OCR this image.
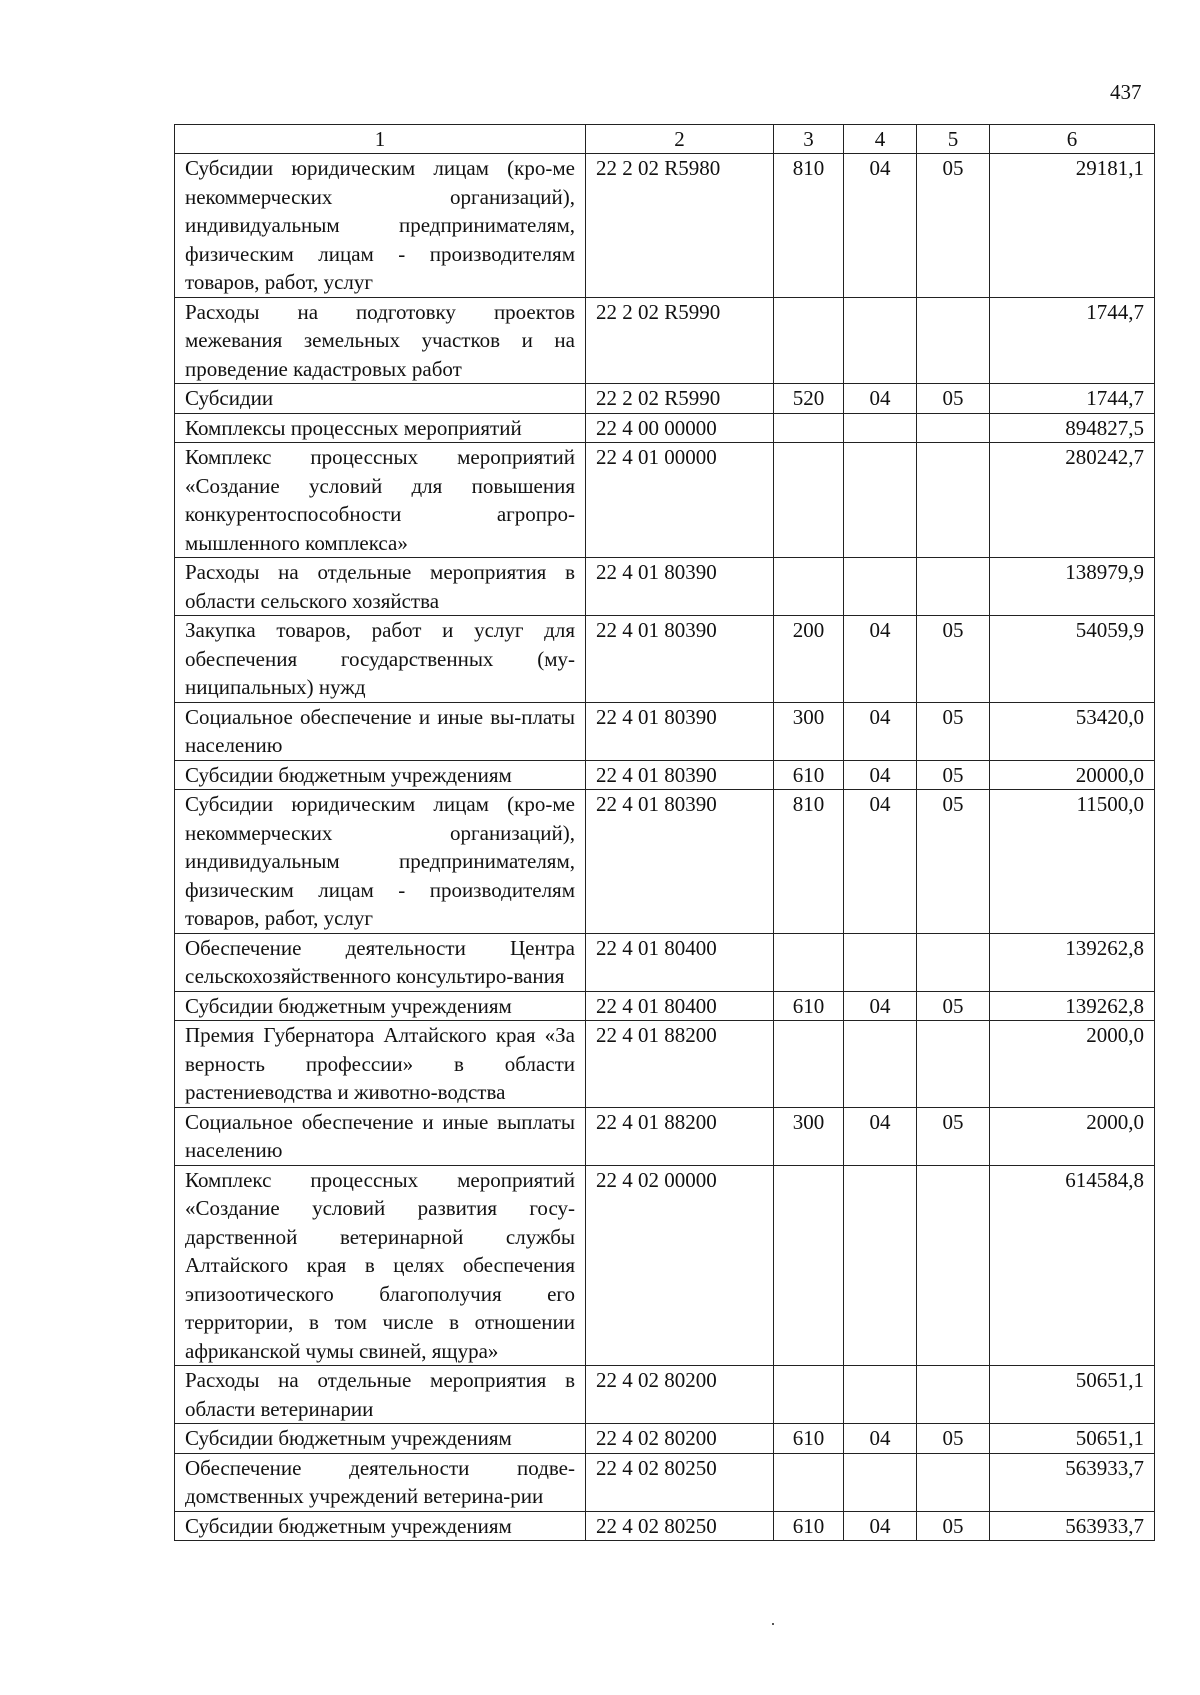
437
1	2	3	4	5	6
Субсидии юридическим лицам (кро-ме некоммерческих организаций), индивидуальным предпринимателям, физическим лицам - производителям товаров, работ, услуг	22 2 02 R5980	810	04	05	29181,1
Расходы на подготовку проектов межевания земельных участков и на проведение кадастровых работ	22 2 02 R5990				1744,7
Субсидии	22 2 02 R5990	520	04	05	1744,7
Комплексы процессных мероприятий	22 4 00 00000				894827,5
Комплекс процессных мероприятий «Создание условий для повышения конкурентоспособности агропро-мышленного комплекса»	22 4 01 00000				280242,7
Расходы на отдельные мероприятия в области сельского хозяйства	22 4 01 80390				138979,9
Закупка товаров, работ и услуг для обеспечения государственных (му-ниципальных) нужд	22 4 01 80390	200	04	05	54059,9
Социальное обеспечение и иные вы-платы населению	22 4 01 80390	300	04	05	53420,0
Субсидии бюджетным учреждениям	22 4 01 80390	610	04	05	20000,0
Субсидии юридическим лицам (кро-ме некоммерческих организаций), индивидуальным предпринимателям, физическим лицам - производителям товаров, работ, услуг	22 4 01 80390	810	04	05	11500,0
Обеспечение деятельности Центра сельскохозяйственного консультиро-вания	22 4 01 80400				139262,8
Субсидии бюджетным учреждениям	22 4 01 80400	610	04	05	139262,8
Премия Губернатора Алтайского края «За верность профессии» в области растениеводства и животно-водства	22 4 01 88200				2000,0
Социальное обеспечение и иные выплаты населению	22 4 01 88200	300	04	05	2000,0
Комплекс процессных мероприятий «Создание условий развития госу-дарственной ветеринарной службы Алтайского края в целях обеспечения эпизоотического благополучия его территории, в том числе в отношении африканской чумы свиней, ящура»	22 4 02 00000				614584,8
Расходы на отдельные мероприятия в области ветеринарии	22 4 02 80200				50651,1
Субсидии бюджетным учреждениям	22 4 02 80200	610	04	05	50651,1
Обеспечение деятельности подве-домственных учреждений ветерина-рии	22 4 02 80250				563933,7
Субсидии бюджетным учреждениям	22 4 02 80250	610	04	05	563933,7
